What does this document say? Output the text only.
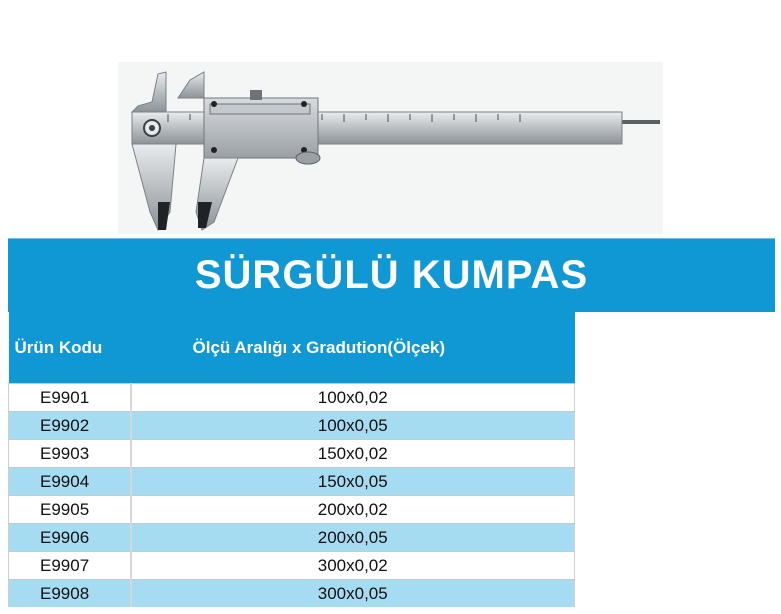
SÜRGÜLÜ KUMPAS
Ürün Kodu	Ölçü Aralığı x Gradution(Ölçek)
E9901	100x0,02
E9902	100x0,05
E9903	150x0,02
E9904	150x0,05
E9905	200x0,02
E9906	200x0,05
E9907	300x0,02
E9908	300x0,05
